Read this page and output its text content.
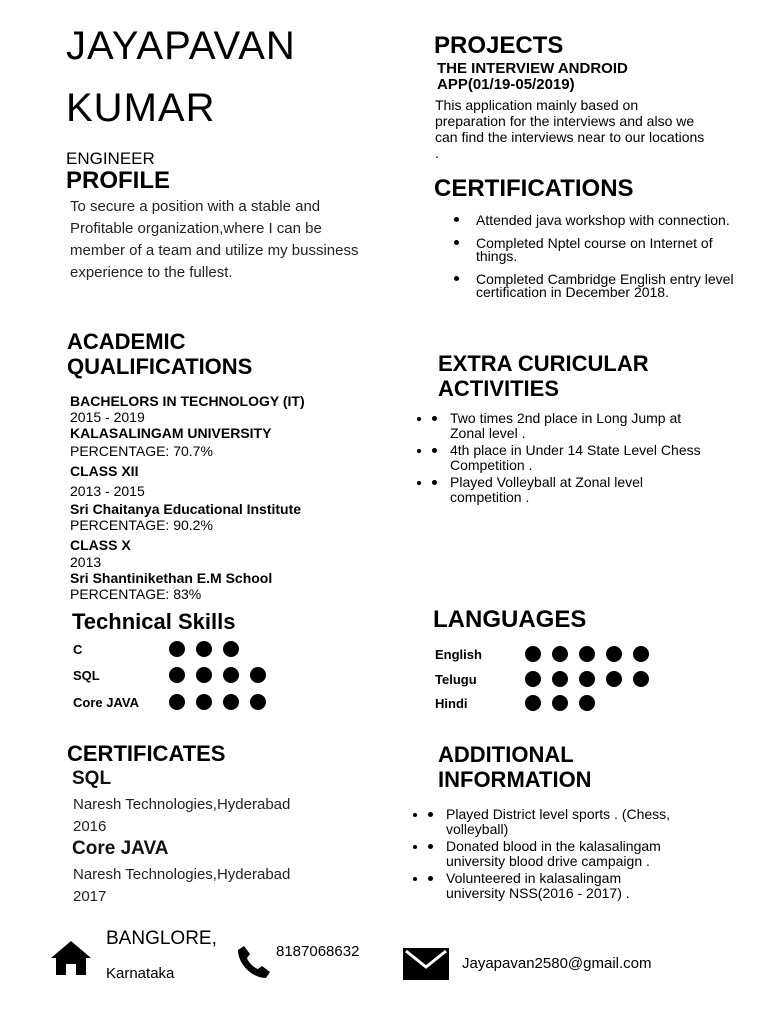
JAYAPAVAN
KUMAR
ENGINEER
PROFILE
To secure a position with a stable and
Profitable organization,where I can be
member of a team and utilize my bussiness
experience to the fullest.
ACADEMIC
QUALIFICATIONS
BACHELORS IN TECHNOLOGY (IT)
2015 - 2019
KALASALINGAM UNIVERSITY
PERCENTAGE: 70.7%
CLASS XII
2013 - 2015
Sri Chaitanya Educational Institute
PERCENTAGE: 90.2%
CLASS X
2013
Sri Shantinikethan E.M School
PERCENTAGE: 83%
Technical Skills
C
SQL
Core JAVA
CERTIFICATES
SQL
Naresh Technologies,Hyderabad
2016
Core JAVA
Naresh Technologies,Hyderabad
2017
PROJECTS
THE INTERVIEW ANDROID
APP(01/19-05/2019)
This application mainly based on
preparation for the interviews and also we
can find the interviews near to our locations
.
CERTIFICATIONS
Attended java workshop with connection.
Completed Nptel course on Internet of things.
Completed Cambridge English entry level certification in December 2018.
EXTRA CURICULAR
ACTIVITIES
• Two times 2nd place in Long Jump at Zonal level .
• 4th place in Under 14 State Level Chess Competition .
• Played Volleyball at Zonal level competition .
LANGUAGES
English
Telugu
Hindi
ADDITIONAL
INFORMATION
• Played District level sports . (Chess, volleyball)
• Donated blood in the kalasalingam university blood drive campaign .
• Volunteered in kalasalingam university NSS(2016 - 2017) .
BANGLORE,
Karnataka
8187068632
Jayapavan2580@gmail.com
